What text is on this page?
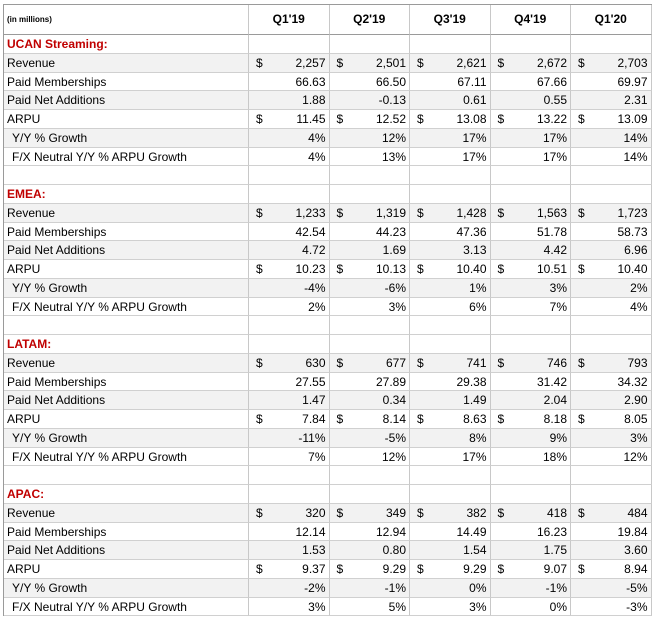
(in millions)	Q1'19	Q2'19	Q3'19	Q4'19	Q1'20
UCAN Streaming:
Revenue	$	2,257 $	2,501 $	2,621 $	2,672 $	2,703
Paid Memberships	66.63	66.50	67.11	67.66	69.97
Paid Net Additions	1.88	-0.13	0.61	0.55	2.31
ARPU	$	11.45 $	12.52 $	13.08 $	13.22 $	13.09
Y/Y % Growth	4%	12%	17%	17%	14%
F/X Neutral Y/Y % ARPU Growth	4%	13%	17%	17%	14%
EMEA:
Revenue	$	1,233 $	1,319 $	1,428 $	1,563 $	1,723
Paid Memberships	42.54	44.23	47.36	51.78	58.73
Paid Net Additions	4.72	1.69	3.13	4.42	6.96
ARPU	$	10.23 $	10.13 $	10.40 $	10.51 $	10.40
Y/Y % Growth	-4%	-6%	1%	3%	2%
F/X Neutral Y/Y % ARPU Growth	2%	3%	6%	7%	4%
LATAM:
Revenue	$	630 $	677 $	741 $	746 $	793
Paid Memberships	27.55	27.89	29.38	31.42	34.32
Paid Net Additions	1.47	0.34	1.49	2.04	2.90
ARPU	$	7.84 $	8.14 $	8.63 $	8.18 $	8.05
Y/Y % Growth	-11%	-5%	8%	9%	3%
F/X Neutral Y/Y % ARPU Growth	7%	12%	17%	18%	12%
APAC:
Revenue	$	320 $	349 $	382 $	418 $	484
Paid Memberships	12.14	12.94	14.49	16.23	19.84
Paid Net Additions	1.53	0.80	1.54	1.75	3.60
ARPU	$	9.37 $	9.29 $	9.29 $	9.07 $	8.94
Y/Y % Growth	-2%	-1%	0%	-1%	-5%
F/X Neutral Y/Y % ARPU Growth	3%	5%	3%	0%	-3%
